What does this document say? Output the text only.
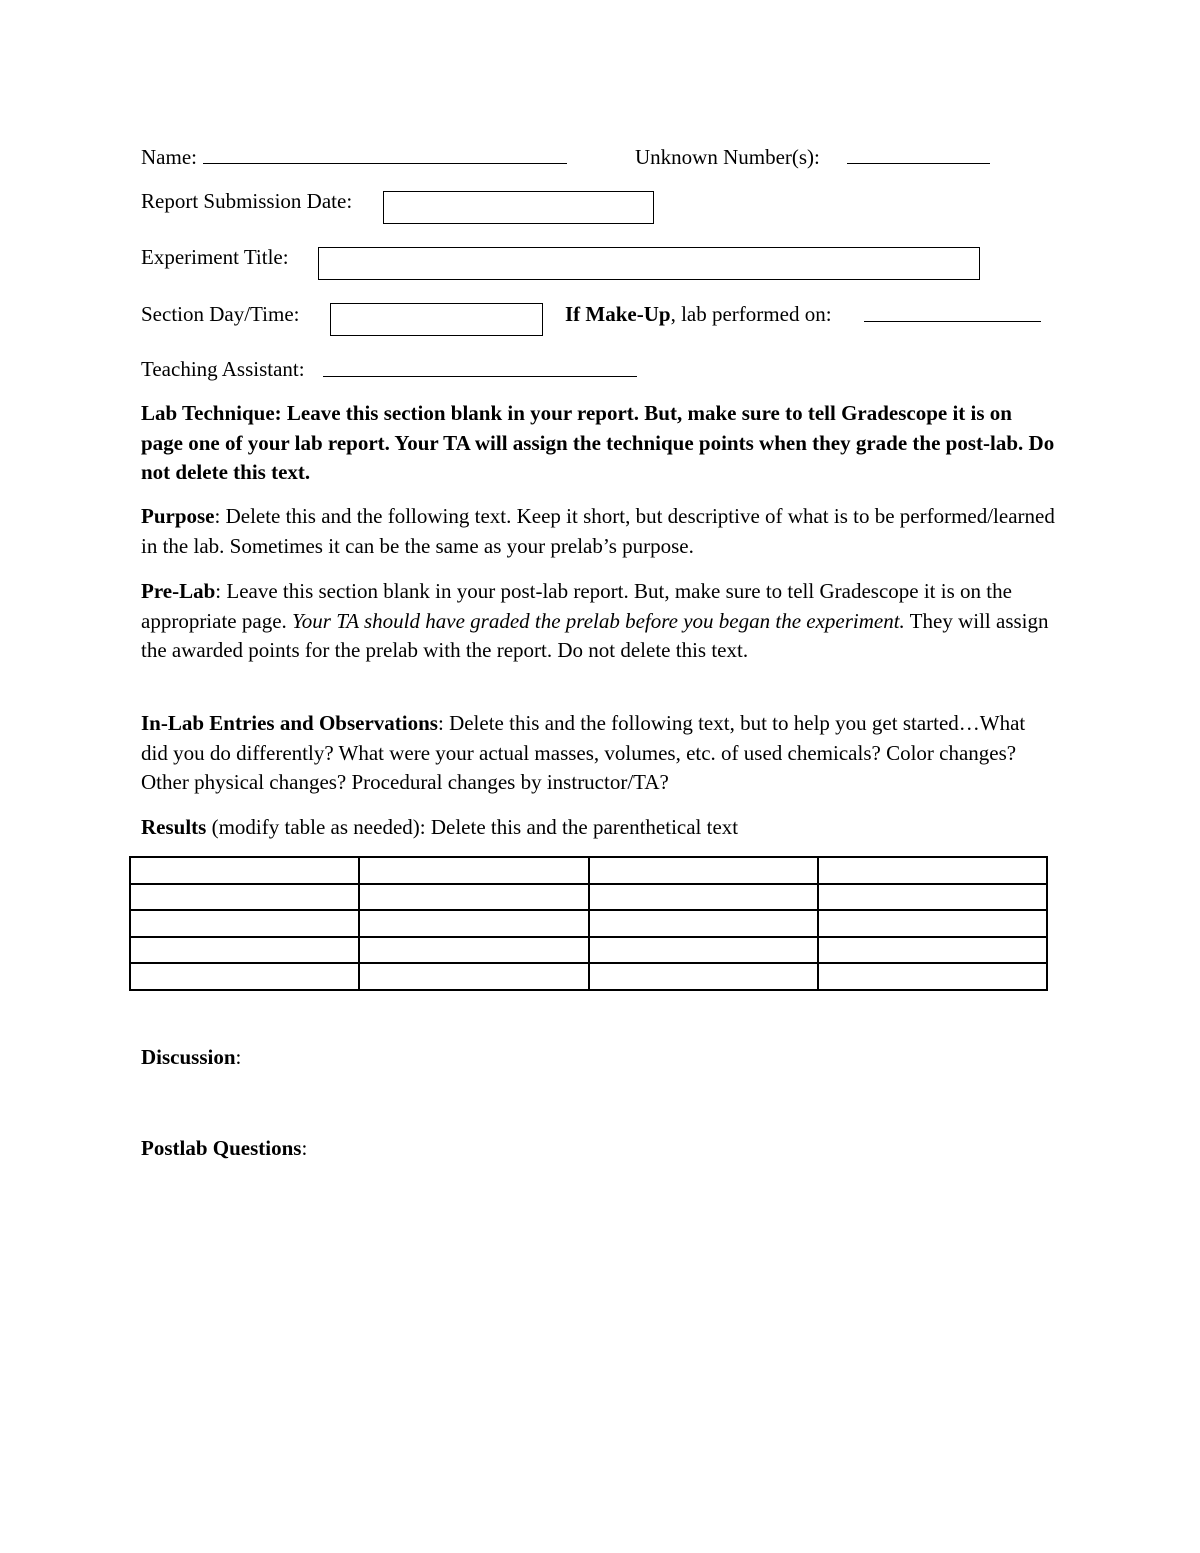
Name:	Unknown Number(s):
Report Submission Date:
Experiment Title:
Section Day/Time:	If Make-Up, lab performed on:
Teaching Assistant:
Lab Technique: Leave this section blank in your report. But, make sure to tell Gradescope it is on page one of your lab report. Your TA will assign the technique points when they grade the post-lab. Do not delete this text.
Purpose: Delete this and the following text. Keep it short, but descriptive of what is to be performed/learned in the lab. Sometimes it can be the same as your prelab’s purpose.
Pre-Lab: Leave this section blank in your post-lab report. But, make sure to tell Gradescope it is on the appropriate page. Your TA should have graded the prelab before you began the experiment. They will assign the awarded points for the prelab with the report. Do not delete this text.
In-Lab Entries and Observations: Delete this and the following text, but to help you get started…What did you do differently? What were your actual masses, volumes, etc. of used chemicals? Color changes? Other physical changes? Procedural changes by instructor/TA?
Results (modify table as needed): Delete this and the parenthetical text

Discussion:
Postlab Questions:
